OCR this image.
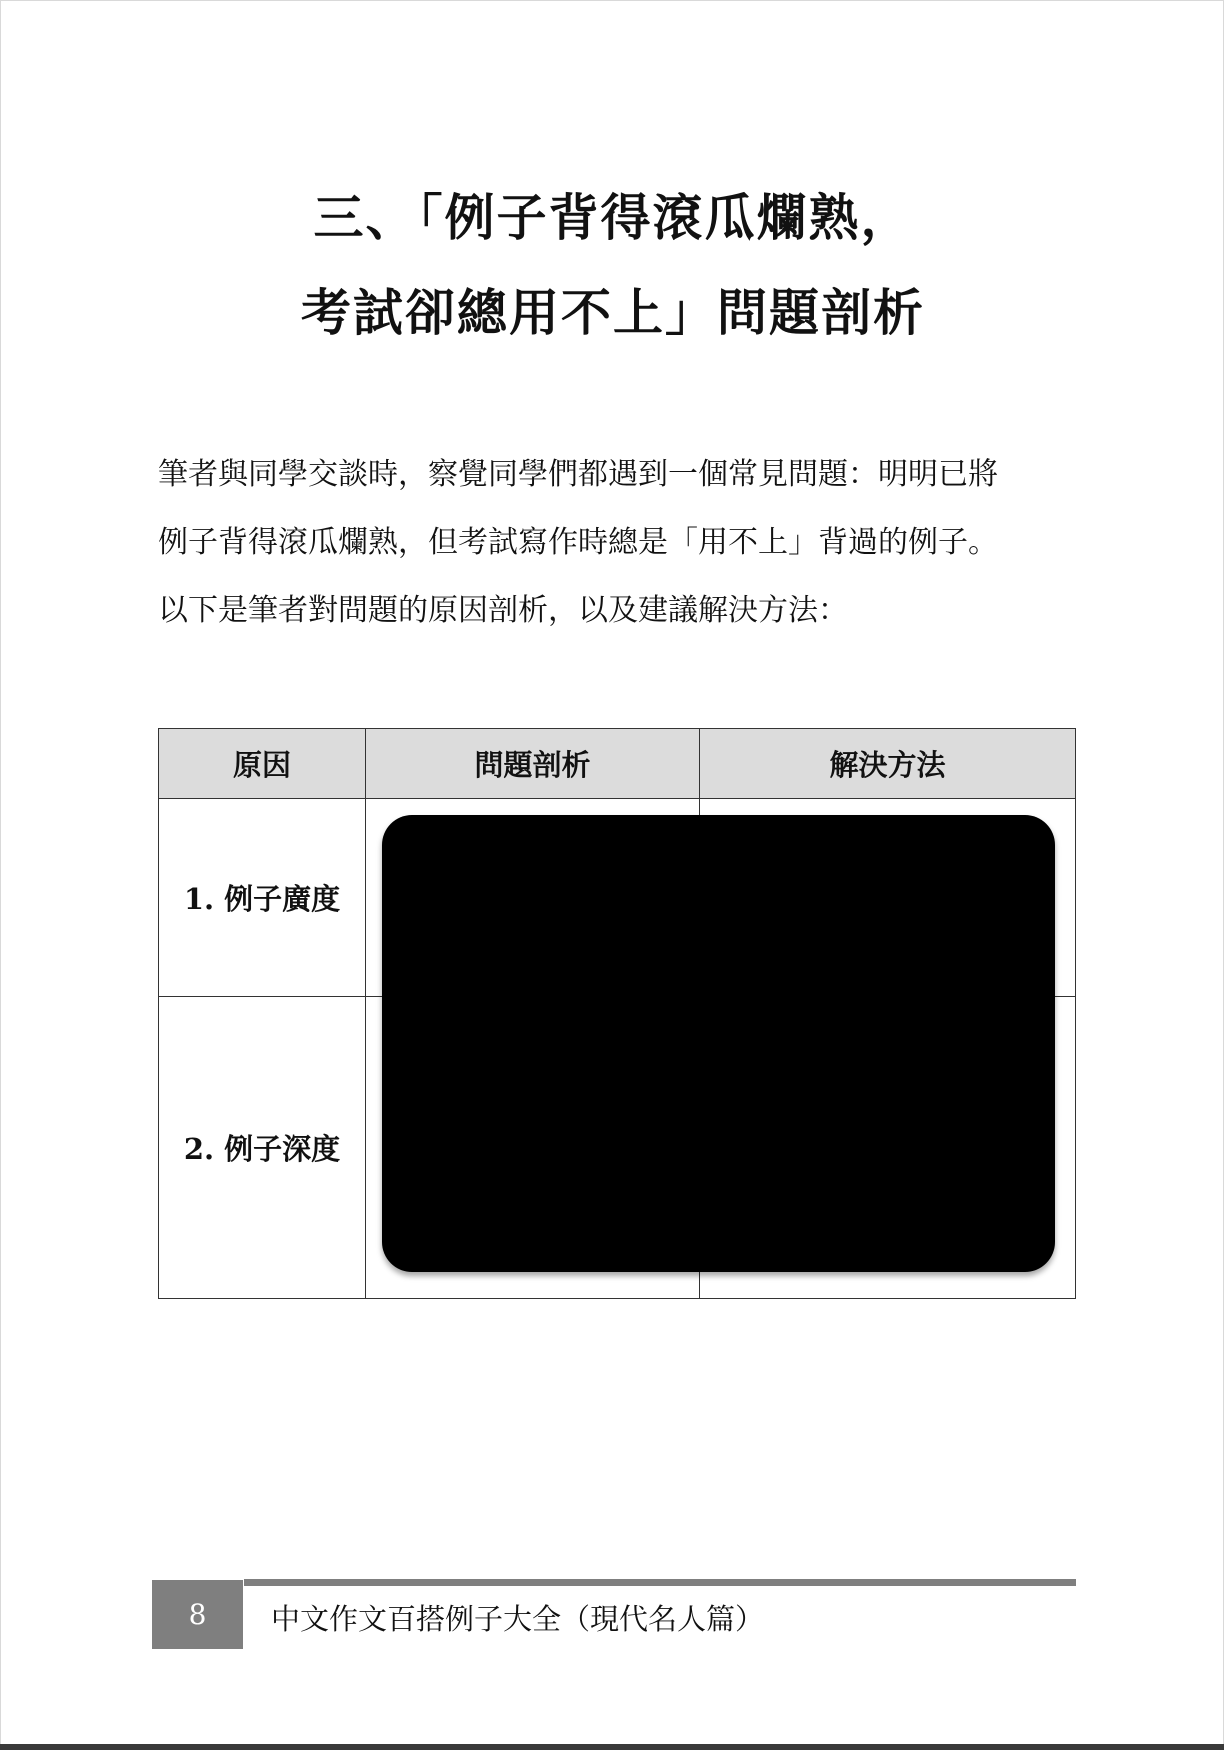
三、「例子背得滾瓜爛熟，
考試卻總用不上」問題剖析

筆者與同學交談時，察覺同學們都遇到一個常見問題：明明已將

例子背得滾瓜爛熟，但考試寫作時總是「用不上」背過的例子。

以下是筆者對問題的原因剖析，以及建議解決方法：

原因	問題剖析	解決方法
1. 例子廣度		
2. 例子深度		
8 中文作文百搭例子大全（現代名人篇）
